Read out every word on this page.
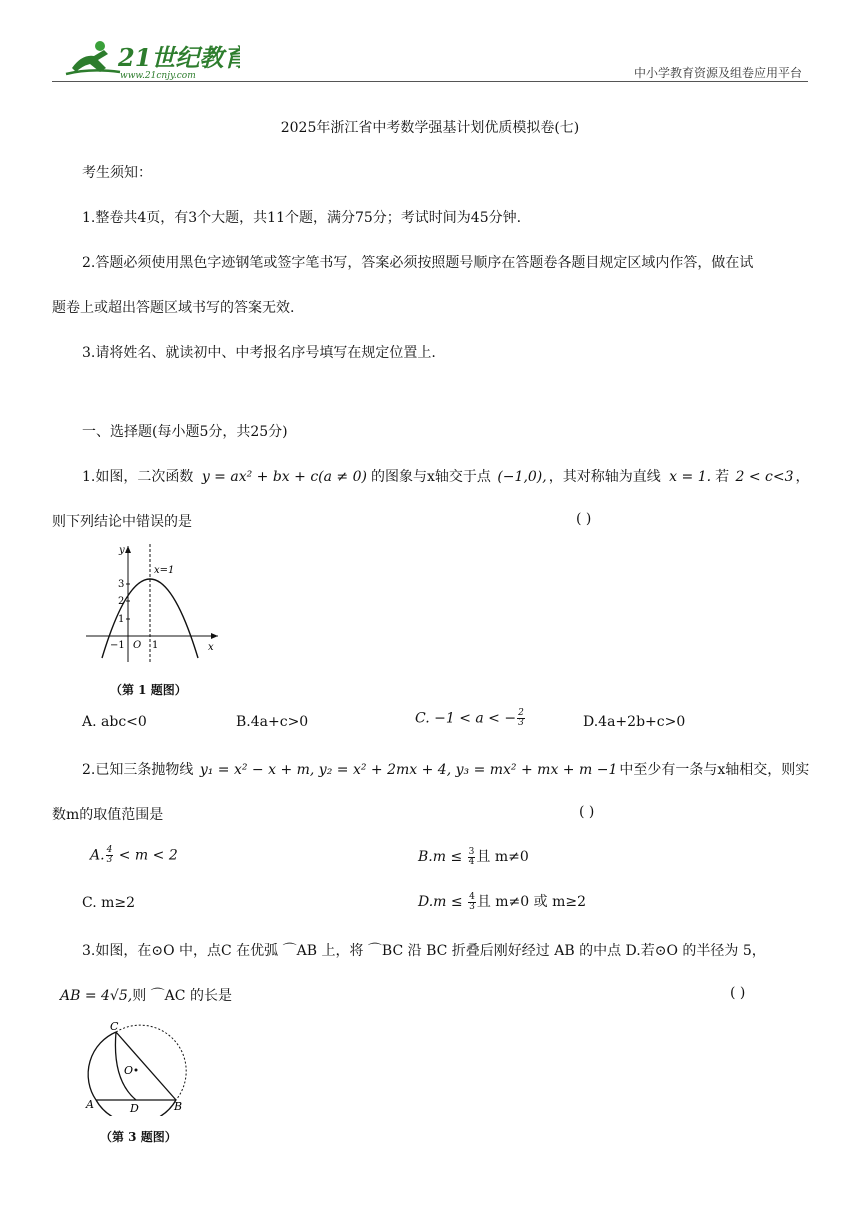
21世纪教育
www.21cnjy.com	中小学教育资源及组卷应用平台
2025年浙江省中考数学强基计划优质模拟卷(七)
考生须知：
1.整卷共4页，有3个大题，共11个题，满分75分；考试时间为45分钟.
2.答题必须使用黑色字迹钢笔或签字笔书写，答案必须按照题号顺序在答题卷各题目规定区域内作答，做在试
题卷上或超出答题区域书写的答案无效.
3.请将姓名、就读初中、中考报名序号填写在规定位置上.
一、选择题(每小题5分，共25分)
1.如图，二次函数 y = ax² + bx + c(a ≠ 0) 的图象与x轴交于点 (−1,0), ，其对称轴为直线 x = 1. 若 2 < c<3 ，
则下列结论中错误的是	( )
y
x
x=1
3
2
1
O
−1	1
（第 1 题图）
A. abc<0	B.4a+c>0	C. −1 < a < − $\frac{2}{3}$	D.4a+2b+c>0
2.已知三条抛物线 y₁ = x² − x + m, y₂ = x² + 2mx + 4, y₃ = mx² + mx + m −1 中至少有一条与x轴相交，则实
数m的取值范围是	( )
A. $\frac{4}{3} < m < 2$	$B.m \le \frac{3}{4}$ 且 m≠0
C. m≥2	$D.m \le \frac{4}{3}$ 且 m≠0 或 m≥2
3.如图，在⊙O 中，点C 在优弧 ⌒AB 上，将 ⌒BC 沿 BC 折叠后刚好经过 AB 的中点 D.若⊙O 的半径为 5，
AB = 4√5,则 ⌒AC 的长是	( )
C
O
A	D	B
（第 3 题图）
